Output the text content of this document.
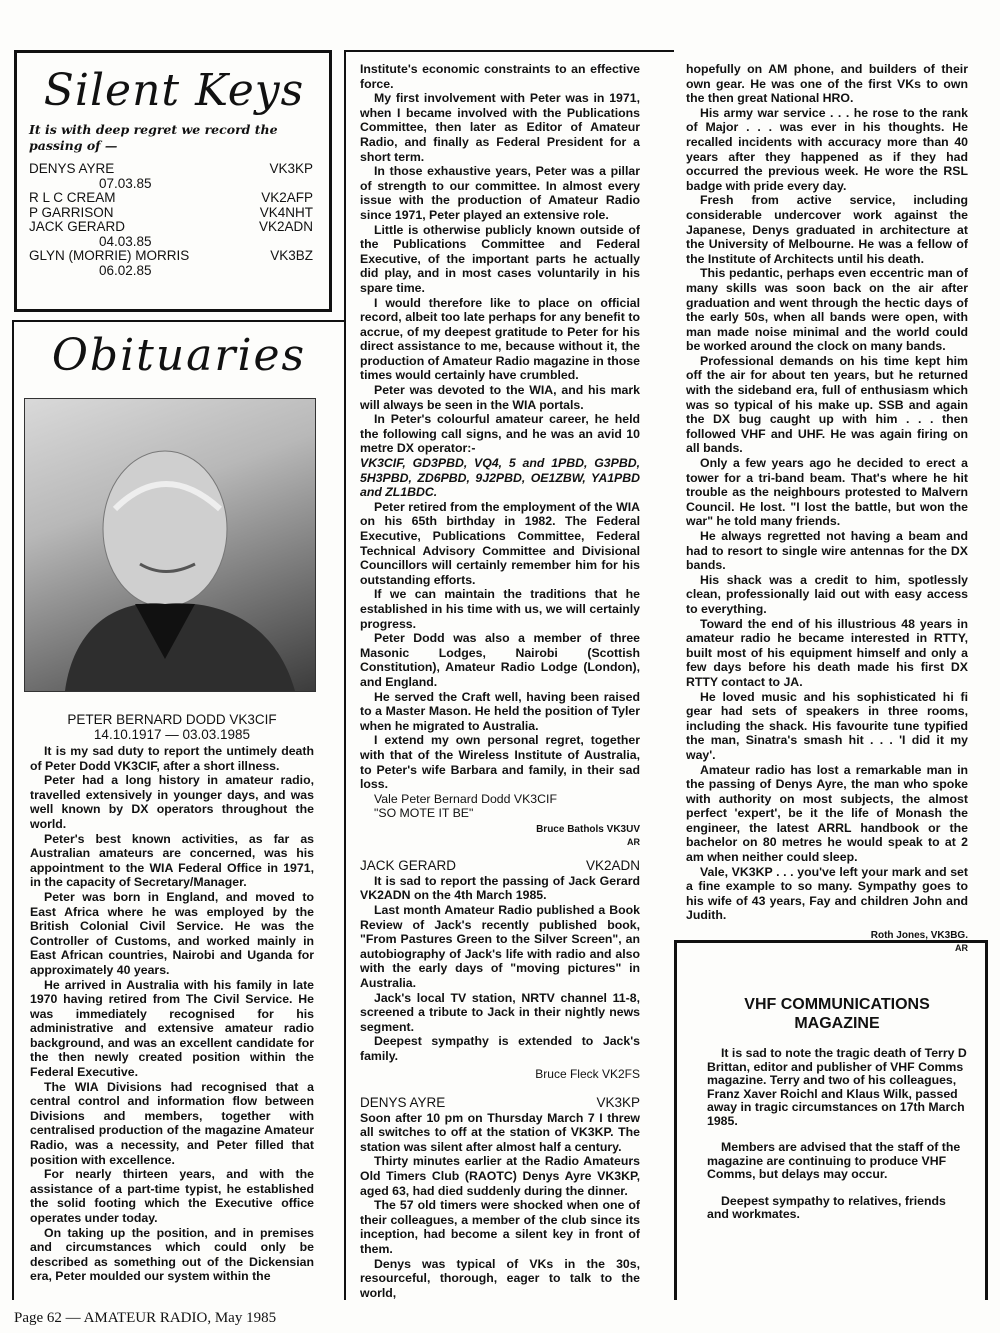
Silent Keys
It is with deep regret we record the passing of —
DENYS AYRE	VK3KP
07.03.85
R L C CREAM	VK2AFP
P GARRISON	VK4NHT
JACK GERARD	VK2ADN
04.03.85
GLYN (MORRIE) MORRIS	VK3BZ
06.02.85
Obituaries
PETER BERNARD DODD VK3CIF
14.10.1917 — 03.03.1985

It is my sad duty to report the untimely death of Peter Dodd VK3CIF, after a short illness.

Peter had a long history in amateur radio, travelled extensively in younger days, and was well known by DX operators throughout the world.

Peter's best known activities, as far as Australian amateurs are concerned, was his appointment to the WIA Federal Office in 1971, in the capacity of Secretary/Manager.

Peter was born in England, and moved to East Africa where he was employed by the British Colonial Civil Service. He was the Controller of Customs, and worked mainly in East African countries, Nairobi and Uganda for approximately 40 years.

He arrived in Australia with his family in late 1970 having retired from The Civil Service. He was immediately recognised for his administrative and extensive amateur radio background, and was an excellent candidate for the then newly created position within the Federal Executive.

The WIA Divisions had recognised that a central control and information flow between Divisions and members, together with centralised production of the magazine Amateur Radio, was a necessity, and Peter filled that position with excellence.

For nearly thirteen years, and with the assistance of a part-time typist, he established the solid footing which the Executive office operates under today.

On taking up the position, and in premises and circumstances which could only be described as something out of the Dickensian era, Peter moulded our system within the

Institute's economic constraints to an effective force.

My first involvement with Peter was in 1971, when I became involved with the Publications Committee, then later as Editor of Amateur Radio, and finally as Federal President for a short term.

In those exhaustive years, Peter was a pillar of strength to our committee. In almost every issue with the production of Amateur Radio since 1971, Peter played an extensive role.

Little is otherwise publicly known outside of the Publications Committee and Federal Executive, of the important parts he actually did play, and in most cases voluntarily in his spare time.

I would therefore like to place on official record, albeit too late perhaps for any benefit to accrue, of my deepest gratitude to Peter for his direct assistance to me, because without it, the production of Amateur Radio magazine in those times would certainly have crumbled.

Peter was devoted to the WIA, and his mark will always be seen in the WIA portals.

In Peter's colourful amateur career, he held the following call signs, and he was an avid 10 metre DX operator:-

VK3CIF, GD3PBD, VQ4, 5 and 1PBD, G3PBD, 5H3PBD, ZD6PBD, 9J2PBD, OE1ZBW, YA1PBD and ZL1BDC.

Peter retired from the employment of the WIA on his 65th birthday in 1982. The Federal Executive, Publications Committee, Federal Technical Advisory Committee and Divisional Councillors will certainly remember him for his outstanding efforts.

If we can maintain the traditions that he established in his time with us, we will certainly progress.

Peter Dodd was also a member of three Masonic Lodges, Nairobi (Scottish Constitution), Amateur Radio Lodge (London), and England.

He served the Craft well, having been raised to a Master Mason. He held the position of Tyler when he migrated to Australia.

I extend my own personal regret, together with that of the Wireless Institute of Australia, to Peter's wife Barbara and family, in their sad loss.

Vale Peter Bernard Dodd VK3CIF

"SO MOTE IT BE"

Bruce Bathols VK3UV
AR
JACK GERARD	VK2ADN

It is sad to report the passing of Jack Gerard VK2ADN on the 4th March 1985.

Last month Amateur Radio published a Book Review of Jack's recently published book, "From Pastures Green to the Silver Screen", an autobiography of Jack's life with radio and also with the early days of "moving pictures" in Australia.

Jack's local TV station, NRTV channel 11-8, screened a tribute to Jack in their nightly news segment.

Deepest sympathy is extended to Jack's family.

Bruce Fleck VK2FS
DENYS AYRE	VK3KP

Soon after 10 pm on Thursday March 7 I threw all switches to off at the station of VK3KP. The station was silent after almost half a century.

Thirty minutes earlier at the Radio Amateurs Old Timers Club (RAOTC) Denys Ayre VK3KP, aged 63, had died suddenly during the dinner.

The 57 old timers were shocked when one of their colleagues, a member of the club since its inception, had become a silent key in front of them.

Denys was typical of VKs in the 30s, resourceful, thorough, eager to talk to the world,

hopefully on AM phone, and builders of their own gear. He was one of the first VKs to own the then great National HRO.

His army war service . . . he rose to the rank of Major . . . was ever in his thoughts. He recalled incidents with accuracy more than 40 years after they happened as if they had occurred the previous week. He wore the RSL badge with pride every day.

Fresh from active service, including considerable undercover work against the Japanese, Denys graduated in architecture at the University of Melbourne. He was a fellow of the Institute of Architects until his death.

This pedantic, perhaps even eccentric man of many skills was soon back on the air after graduation and went through the hectic days of the early 50s, when all bands were open, with man made noise minimal and the world could be worked around the clock on many bands.

Professional demands on his time kept him off the air for about ten years, but he returned with the sideband era, full of enthusiasm which was so typical of his make up. SSB and again the DX bug caught up with him . . . then followed VHF and UHF. He was again firing on all bands.

Only a few years ago he decided to erect a tower for a tri-band beam. That's where he hit trouble as the neighbours protested to Malvern Council. He lost. "I lost the battle, but won the war" he told many friends.

He always regretted not having a beam and had to resort to single wire antennas for the DX bands.

His shack was a credit to him, spotlessly clean, professionally laid out with easy access to everything.

Toward the end of his illustrious 48 years in amateur radio he became interested in RTTY, built most of his equipment himself and only a few days before his death made his first DX RTTY contact to JA.

He loved music and his sophisticated hi fi gear had sets of speakers in three rooms, including the shack. His favourite tune typified the man, Sinatra's smash hit . . . 'I did it my way'.

Amateur radio has lost a remarkable man in the passing of Denys Ayre, the man who spoke with authority on most subjects, the almost perfect 'expert', be it the life of Monash the engineer, the latest ARRL handbook or the bachelor on 80 metres he would speak to at 2 am when neither could sleep.

Vale, VK3KP . . . you've left your mark and set a fine example to so many. Sympathy goes to his wife of 43 years, Fay and children John and Judith.

Roth Jones, VK3BG.
AR
VHF COMMUNICATIONS MAGAZINE

It is sad to note the tragic death of Terry D Brittan, editor and publisher of VHF Comms magazine. Terry and two of his colleagues, Franz Xaver Roichl and Klaus Wilk, passed away in tragic circumstances on 17th March 1985.

Members are advised that the staff of the magazine are continuing to produce VHF Comms, but delays may occur.

Deepest sympathy to relatives, friends and workmates.

Page 62 — AMATEUR RADIO, May 1985
